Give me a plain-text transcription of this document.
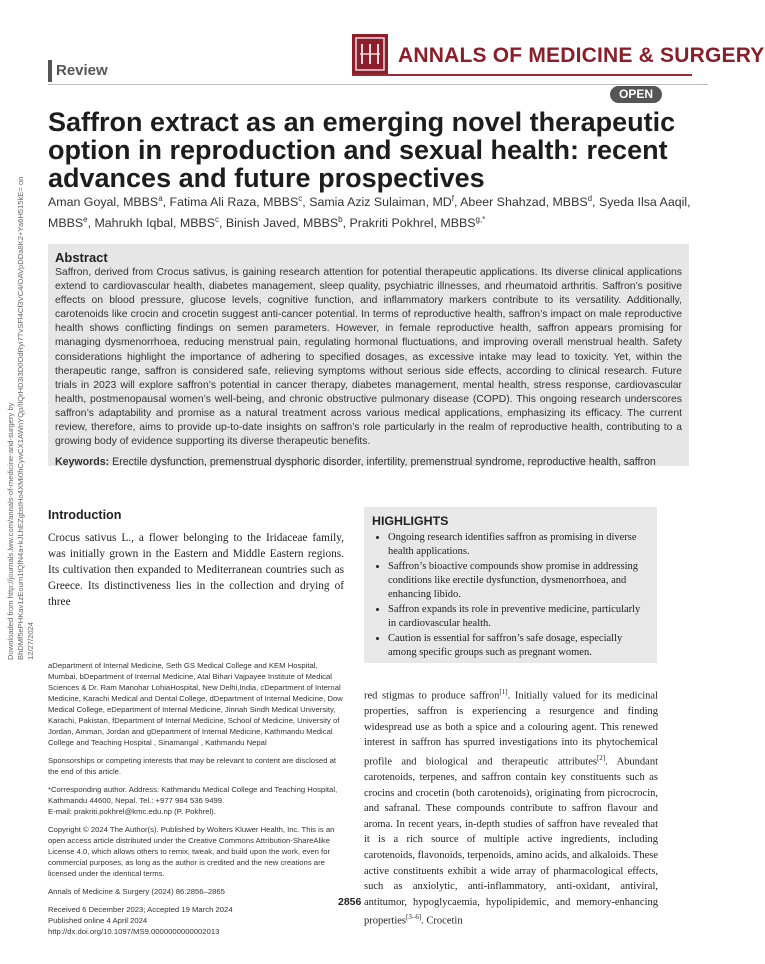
ANNALS OF MEDICINE & SURGERY
Review
OPEN
Downloaded from http://journals.lww.com/annals-of-medicine-and-surgery by BhDMf5ePHKav1zEoum1tQfN4a+kJLhEZgbsIHo4XMi0hCywCX1AWnYQp/IlQrHD3i3D0OdRyi7TvSFl4Cf3VC4/OAVpDDa8K2+Ya6H515kE= on 12/27/2024
Saffron extract as an emerging novel therapeutic option in reproduction and sexual health: recent advances and future prospectives
Aman Goyal, MBBS$^a$, Fatima Ali Raza, MBBS$^c$, Samia Aziz Sulaiman, $MD^f$, Abeer Shahzad, MBBS$^d$, Syeda Ilsa Aaqil, MBBS$^e$, Mahrukh Iqbal, MBBS$^c$, Binish Javed, MBBS$^b$, Prakriti Pokhrel, $MBBS^{g,*}$
Abstract

Saffron, derived from Crocus sativus, is gaining research attention for potential therapeutic applications. Its diverse clinical applications extend to cardiovascular health, diabetes management, sleep quality, psychiatric illnesses, and rheumatoid arthritis. Saffron’s positive effects on blood pressure, glucose levels, cognitive function, and inflammatory markers contribute to its versatility. Additionally, carotenoids like crocin and crocetin suggest anti-cancer potential. In terms of reproductive health, saffron’s impact on male reproductive health shows conflicting findings on semen parameters. However, in female reproductive health, saffron appears promising for managing dysmenorrhoea, reducing menstrual pain, regulating hormonal fluctuations, and improving overall menstrual health. Safety considerations highlight the importance of adhering to specified dosages, as excessive intake may lead to toxicity. Yet, within the therapeutic range, saffron is considered safe, relieving symptoms without serious side effects, according to clinical research. Future trials in 2023 will explore saffron’s potential in cancer therapy, diabetes management, mental health, stress response, cardiovascular health, postmenopausal women’s well-being, and chronic obstructive pulmonary disease (COPD). This ongoing research underscores saffron’s adaptability and promise as a natural treatment across various medical applications, emphasizing its efficacy. The current review, therefore, aims to provide up-to-date insights on saffron’s role particularly in the realm of reproductive health, contributing to a growing body of evidence supporting its diverse therapeutic benefits.

Keywords: Erectile dysfunction, premenstrual dysphoric disorder, infertility, premenstrual syndrome, reproductive health, saffron
Introduction
Crocus sativus L., a flower belonging to the Iridaceae family, was initially grown in the Eastern and Middle Eastern regions. Its cultivation then expanded to Mediterranean countries such as Greece. Its distinctiveness lies in the collection and drying of three
HIGHLIGHTS
• Ongoing research identifies saffron as promising in diverse health applications.
• Saffron’s bioactive compounds show promise in addressing conditions like erectile dysfunction, dysmenorrhoea, and enhancing libido.
• Saffron expands its role in preventive medicine, particularly in cardiovascular health.
• Caution is essential for saffron’s safe dosage, especially among specific groups such as pregnant women.

aDepartment of Internal Medicine, Seth GS Medical College and KEM Hospital, Mumbai, bDepartment of Internal Medicine, Atal Bihari Vajpayee Institute of Medical Sciences & Dr. Ram Manohar LohiaHospital, New Delhi,India, cDepartment of Internal Medicine, Karachi Medical and Dental College, dDepartment of Internal Medicine, Dow Medical College, eDepartment of Internal Medicine, Jinnah Sindh Medical University, Karachi, Pakistan, fDepartment of Internal Medicine, School of Medicine, University of Jordan, Amman, Jordan and gDepartment of Internal Medicine, Kathmandu Medical College and Teaching Hospital , Sinamangal , Kathmandu Nepal

Sponsorships or competing interests that may be relevant to content are disclosed at the end of this article.

*Corresponding author. Address: Kathmandu Medical College and Teaching Hospital, Kathmandu 44600, Nepal. Tel.: +977 984 536 9499.

E-mail: prakriti.pokhrel@kmc.edu.np (P. Pokhrel).

Copyright © 2024 The Author(s). Published by Wolters Kluwer Health, Inc. This is an open access article distributed under the Creative Commons Attribution-ShareAlike License 4.0, which allows others to remix, tweak, and build upon the work, even for commercial purposes, as long as the author is credited and the new creations are licensed under the identical terms.

Annals of Medicine & Surgery (2024) 86:2856–2865

Received 6 December 2023; Accepted 19 March 2024

Published online 4 April 2024

http://dx.doi.org/10.1097/MS9.0000000000002013

red stigmas to produce saffron[1]. Initially valued for its medicinal properties, saffron is experiencing a resurgence and finding widespread use as both a spice and a colouring agent. This renewed interest in saffron has spurred investigations into its phytochemical profile and biological and therapeutic attributes[2]. Abundant carotenoids, terpenes, and saffron contain key constituents such as crocins and crocetin (both carotenoids), originating from picrocrocin, and safranal. These compounds contribute to saffron flavour and aroma. In recent years, in-depth studies of saffron have revealed that it is a rich source of multiple active ingredients, including carotenoids, flavonoids, terpenoids, amino acids, and alkaloids. These active constituents exhibit a wide array of pharmacological effects, such as anxiolytic, anti-inflammatory, anti-oxidant, antiviral, antitumor, hypoglycaemia, hypolipidemic, and memory-enhancing properties[3–6]. Crocetin
2856
